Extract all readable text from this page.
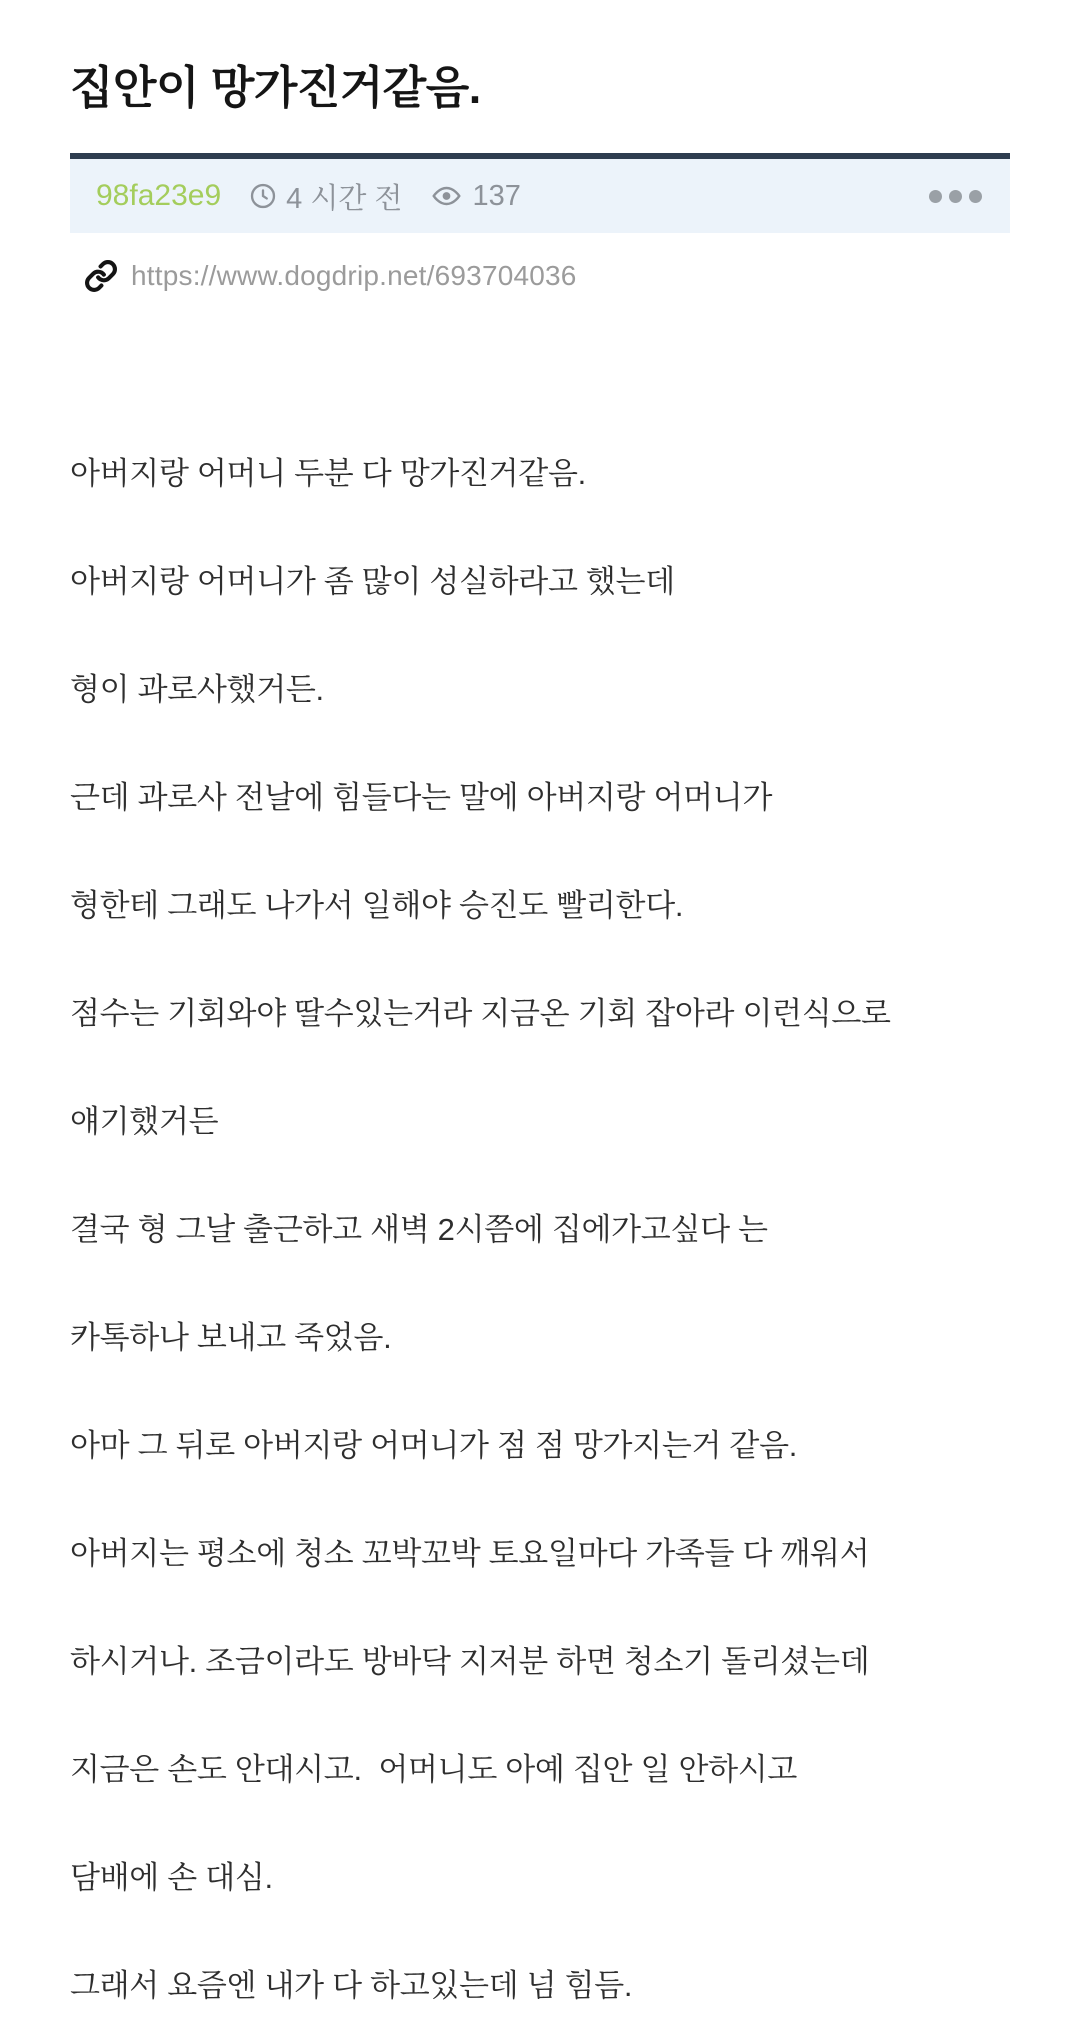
집안이 망가진거같음.
98fa23e9 4 시간 전 137
https://www.dogdrip.net/693704036

아버지랑 어머니 두분 다 망가진거같음.

아버지랑 어머니가 좀 많이 성실하라고 했는데

형이 과로사했거든.

근데 과로사 전날에 힘들다는 말에 아버지랑 어머니가

형한테 그래도 나가서 일해야 승진도 빨리한다.

점수는 기회와야 딸수있는거라 지금온 기회 잡아라 이런식으로

얘기했거든

결국 형 그날 출근하고 새벽 2시쯤에 집에가고싶다 는

카톡하나 보내고 죽었음.

아마 그 뒤로 아버지랑 어머니가 점 점 망가지는거 같음.

아버지는 평소에 청소 꼬박꼬박 토요일마다 가족들 다 깨워서

하시거나. 조금이라도 방바닥 지저분 하면 청소기 돌리셨는데

지금은 손도 안대시고.  어머니도 아예 집안 일 안하시고

담배에 손 대심.

그래서 요즘엔 내가 다 하고있는데 넘 힘듬.
